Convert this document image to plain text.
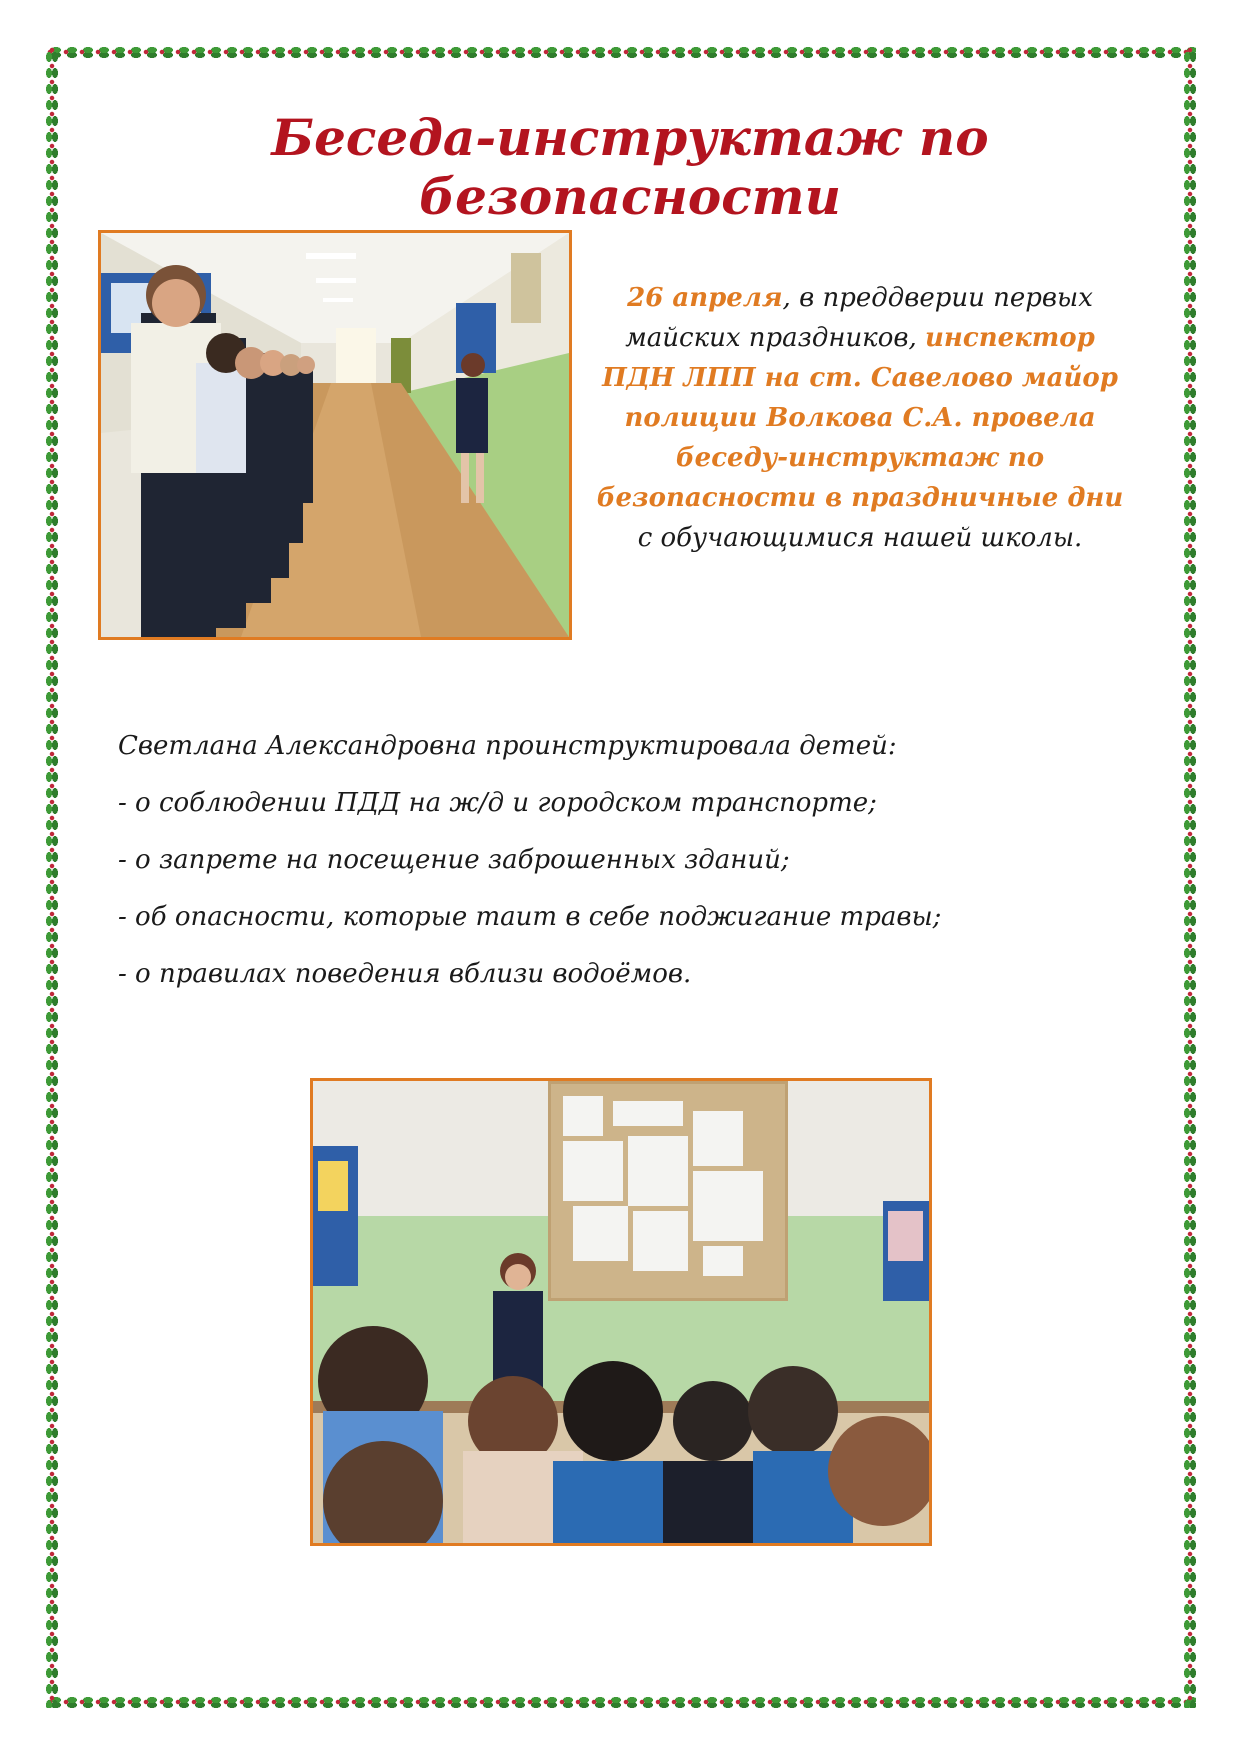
Беседа-инструктаж по безопасности
26 апреля, в преддверии первых майских праздников, инспектор ПДН ЛПП на ст. Савелово майор полиции Волкова С.А. провела беседу-инструктаж по безопасности в праздничные дни
с обучающимися нашей школы.
Светлана Александровна проинструктировала детей:
- о соблюдении ПДД на ж/д и городском транспорте;
- о запрете на посещение заброшенных зданий;
- об опасности, которые таит в себе поджигание травы;
- о правилах поведения вблизи водоёмов.
